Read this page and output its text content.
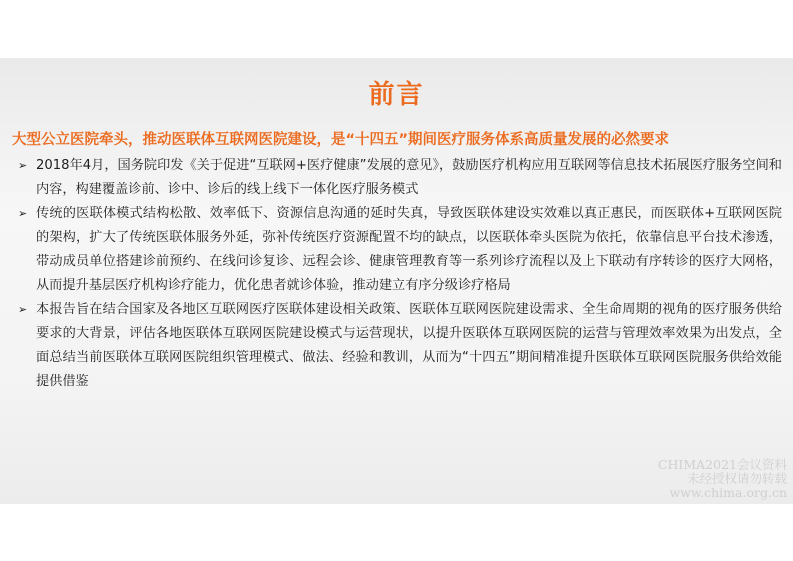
前言
大型公立医院牵头，推动医联体互联网医院建设，是“十四五”期间医疗服务体系高质量发展的必然要求
➢ 2018年4月，国务院印发《关于促进“互联网+医疗健康”发展的意见》，鼓励医疗机构应用互联网等信息技术拓展医疗服务空间和内容，构建覆盖诊前、诊中、诊后的线上线下一体化医疗服务模式
➢ 传统的医联体模式结构松散、效率低下、资源信息沟通的延时失真，导致医联体建设实效难以真正惠民，而医联体+互联网医院的架构，扩大了传统医联体服务外延，弥补传统医疗资源配置不均的缺点，以医联体牵头医院为依托，依靠信息平台技术渗透，带动成员单位搭建诊前预约、在线问诊复诊、远程会诊、健康管理教育等一系列诊疗流程以及上下联动有序转诊的医疗大网格，从而提升基层医疗机构诊疗能力，优化患者就诊体验，推动建立有序分级诊疗格局
➢ 本报告旨在结合国家及各地区互联网医疗医联体建设相关政策、医联体互联网医院建设需求、全生命周期的视角的医疗服务供给要求的大背景，评估各地医联体互联网医院建设模式与运营现状，以提升医联体互联网医院的运营与管理效率效果为出发点，全面总结当前医联体互联网医院组织管理模式、做法、经验和教训，从而为“十四五”期间精准提升医联体互联网医院服务供给效能提供借鉴
CHIMA2021会议资料
未经授权请勿转载
www.chima.org.cn
